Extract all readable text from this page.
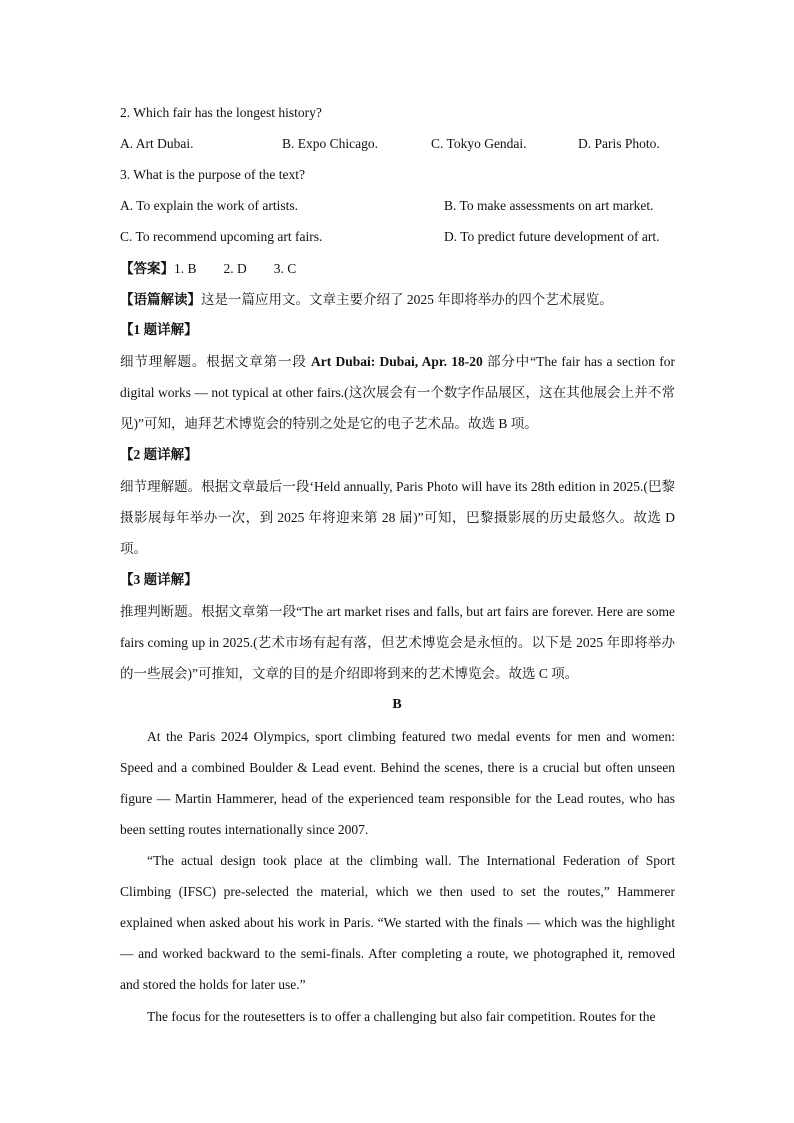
2. Which fair has the longest history?
A. Art Dubai.	B. Expo Chicago.	C. Tokyo Gendai.	D. Paris Photo.
3. What is the purpose of the text?
A. To explain the work of artists.	B. To make assessments on art market.
C. To recommend upcoming art fairs.	D. To predict future development of art.
【答案】1. B        2. D        3. C
【语篇解读】这是一篇应用文。文章主要介绍了 2025 年即将举办的四个艺术展览。
【1 题详解】
细节理解题。根据文章第一段 Art Dubai: Dubai, Apr. 18-20 部分中“The fair has a section for digital works — not typical at other fairs.(这次展会有一个数字作品展区，这在其他展会上并不常见)”可知，迪拜艺术博览会的特别之处是它的电子艺术品。故选 B 项。
【2 题详解】
细节理解题。根据文章最后一段‘Held annually, Paris Photo will have its 28th edition in 2025.(巴黎摄影展每年举办一次，到 2025 年将迎来第 28 届)”可知，巴黎摄影展的历史最悠久。故选 D 项。
【3 题详解】
推理判断题。根据文章第一段“The art market rises and falls, but art fairs are forever. Here are some fairs coming up in 2025.(艺术市场有起有落，但艺术博览会是永恒的。以下是 2025 年即将举办的一些展会)”可推知，文章的目的是介绍即将到来的艺术博览会。故选 C 项。
B
At the Paris 2024 Olympics, sport climbing featured two medal events for men and women: Speed and a combined Boulder & Lead event. Behind the scenes, there is a crucial but often unseen figure — Martin Hammerer, head of the experienced team responsible for the Lead routes, who has been setting routes internationally since 2007.
“The actual design took place at the climbing wall. The International Federation of Sport Climbing (IFSC) pre-selected the material, which we then used to set the routes,” Hammerer explained when asked about his work in Paris. “We started with the finals — which was the highlight — and worked backward to the semi-finals. After completing a route, we photographed it, removed and stored the holds for later use.”
The focus for the routesetters is to offer a challenging but also fair competition. Routes for the
